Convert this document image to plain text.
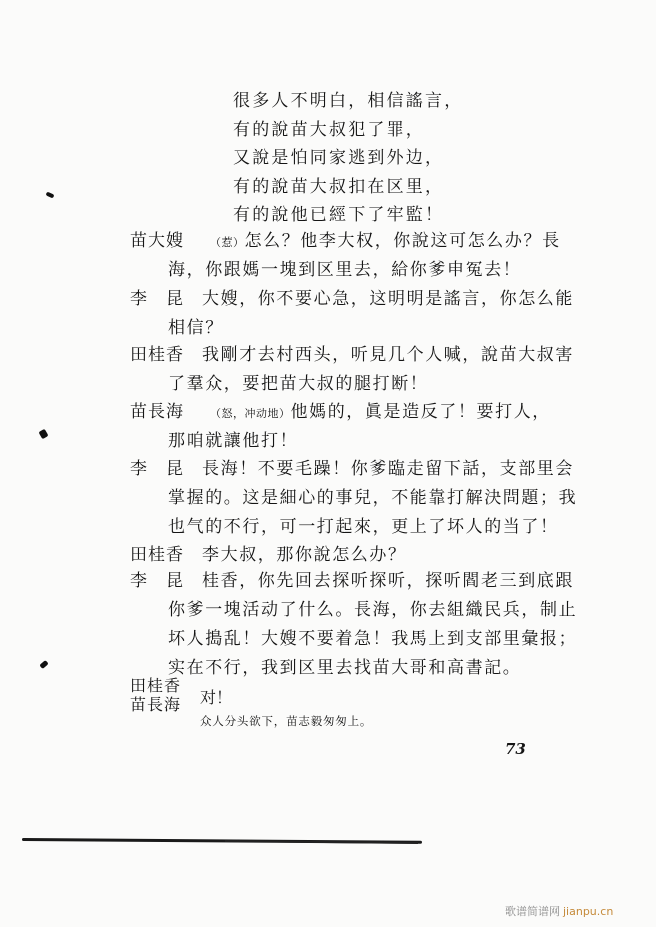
很多人不明白，相信謠言，
有的說苗大叔犯了罪，
又說是怕同家逃到外边，
有的說苗大叔扣在区里，
有的說他已經下了牢監！
苗大嫂 （惹）怎么？他李大权，你說这可怎么办？長
海，你跟媽一塊到区里去，給你爹申冤去！
李　昆 大嫂，你不要心急，这明明是謠言，你怎么能
相信？
田桂香 我剛才去村西头，听見几个人喊，說苗大叔害
了羣众，要把苗大叔的腿打断！
苗長海 （怒，冲动地）他媽的，眞是造反了！要打人，
那咱就讓他打！
李　昆 長海！不要毛躁！你爹臨走留下話，支部里会
掌握的。这是細心的事兒，不能靠打解決問題；我
也气的不行，可一打起來，更上了坏人的当了！
田桂香 李大叔，那你說怎么办？
李　昆 桂香，你先回去探听探听，探听閻老三到底跟
你爹一塊活动了什么。長海，你去組織民兵，制止
坏人搗乱！大嫂不要着急！我馬上到支部里彙报；
实在不行，我到区里去找苗大哥和高書記。
田桂香
苗長海 对！
众人分头欲下，苗志毅匆匆上。
73
歌谱简谱网 jianpu.cn
